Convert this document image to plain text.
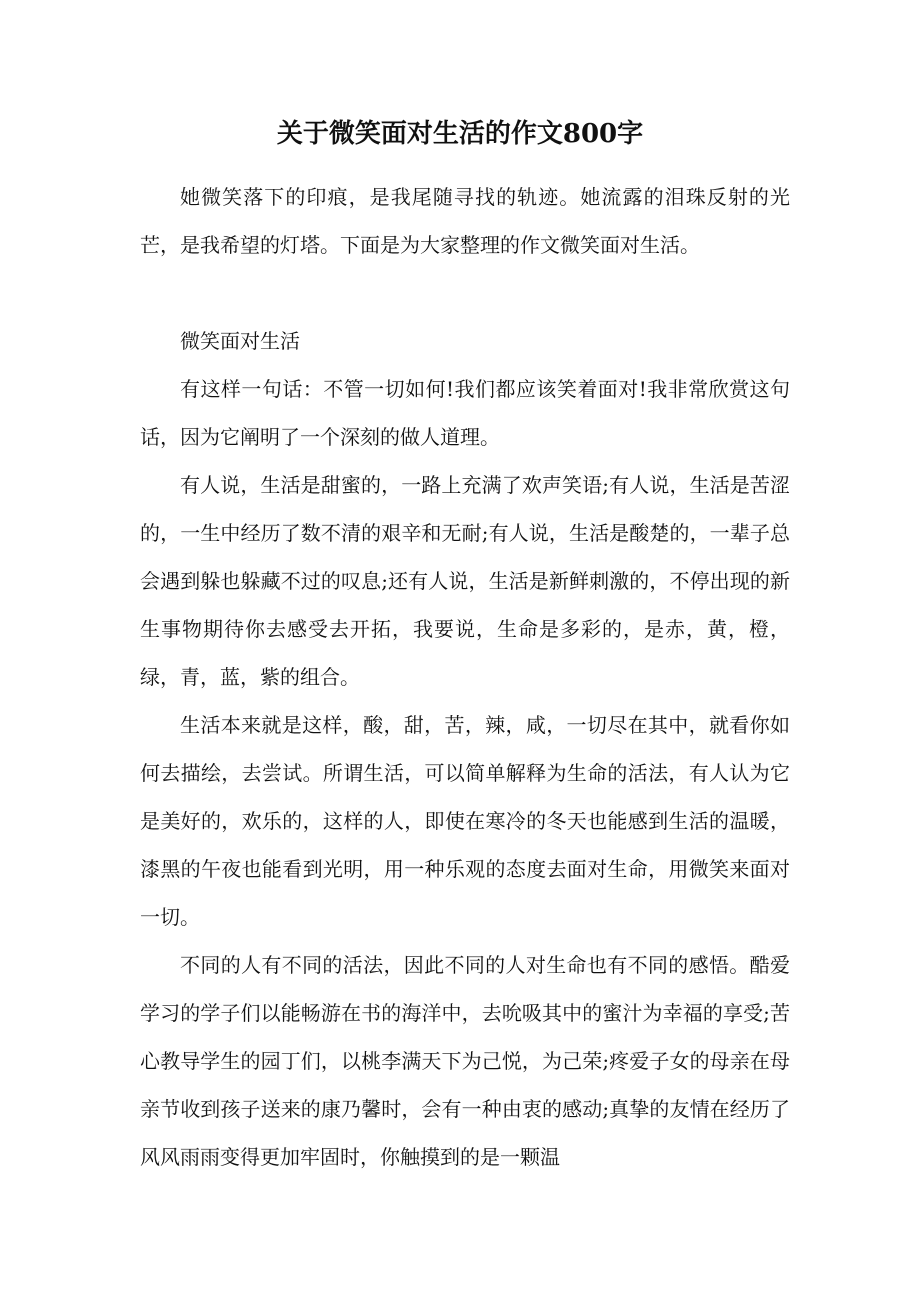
关于微笑面对生活的作文800字

她微笑落下的印痕，是我尾随寻找的轨迹。她流露的泪珠反射的光芒，是我希望的灯塔。下面是为大家整理的作文微笑面对生活。

微笑面对生活

有这样一句话：不管一切如何!我们都应该笑着面对!我非常欣赏这句话，因为它阐明了一个深刻的做人道理。

有人说，生活是甜蜜的，一路上充满了欢声笑语;有人说，生活是苦涩的，一生中经历了数不清的艰辛和无耐;有人说，生活是酸楚的，一辈子总会遇到躲也躲藏不过的叹息;还有人说，生活是新鲜刺激的，不停出现的新生事物期待你去感受去开拓，我要说，生命是多彩的，是赤，黄，橙，绿，青，蓝，紫的组合。

生活本来就是这样，酸，甜，苦，辣，咸，一切尽在其中，就看你如何去描绘，去尝试。所谓生活，可以简单解释为生命的活法，有人认为它是美好的，欢乐的，这样的人，即使在寒冷的冬天也能感到生活的温暖，漆黑的午夜也能看到光明，用一种乐观的态度去面对生命，用微笑来面对一切。

不同的人有不同的活法，因此不同的人对生命也有不同的感悟。酷爱学习的学子们以能畅游在书的海洋中，去吮吸其中的蜜汁为幸福的享受;苦心教导学生的园丁们，以桃李满天下为己悦，为己荣;疼爱子女的母亲在母亲节收到孩子送来的康乃馨时，会有一种由衷的感动;真挚的友情在经历了风风雨雨变得更加牢固时，你触摸到的是一颗温
